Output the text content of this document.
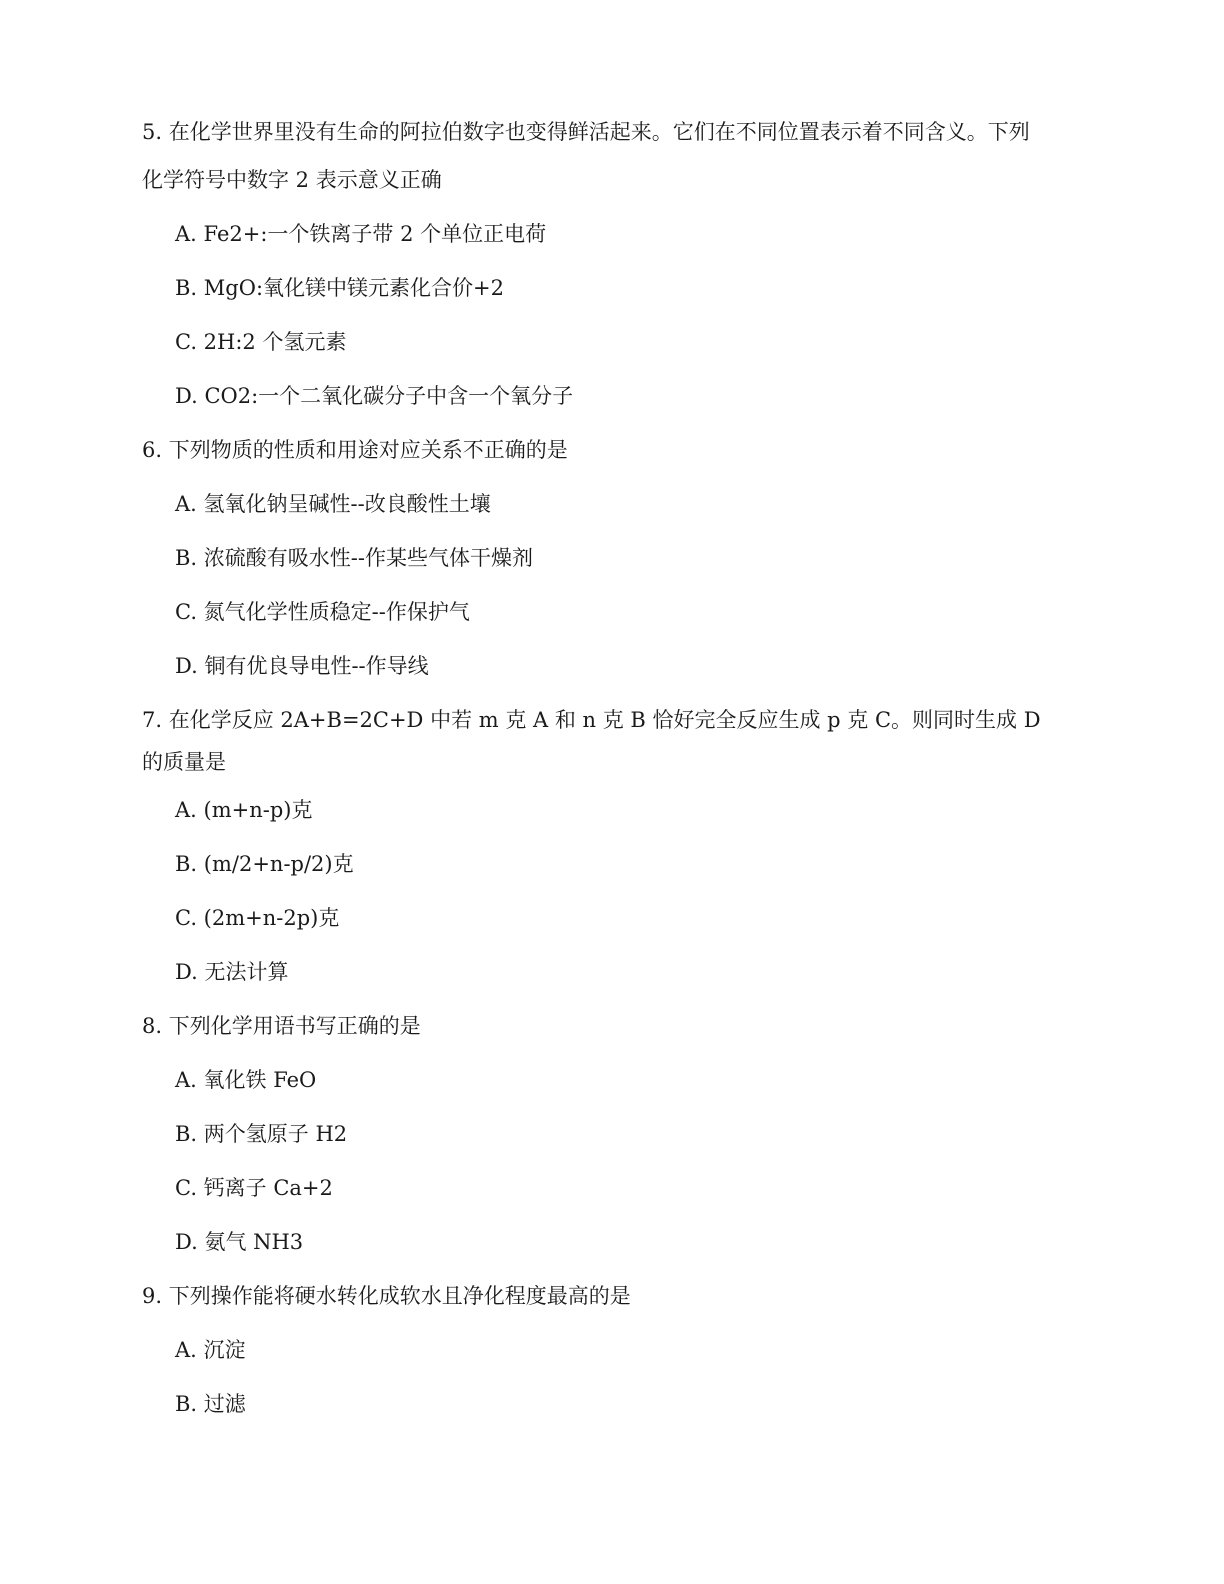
5. 在化学世界里没有生命的阿拉伯数字也变得鲜活起来。它们在不同位置表示着不同含义。下列
化学符号中数字 2 表示意义正确
A. Fe2+:一个铁离子带 2 个单位正电荷
B. MgO:氧化镁中镁元素化合价+2
C. 2H:2 个氢元素
D. CO2:一个二氧化碳分子中含一个氧分子
6. 下列物质的性质和用途对应关系不正确的是
A. 氢氧化钠呈碱性--改良酸性土壤
B. 浓硫酸有吸水性--作某些气体干燥剂
C. 氮气化学性质稳定--作保护气
D. 铜有优良导电性--作导线
7. 在化学反应 2A+B=2C+D 中若 m 克 A 和 n 克 B 恰好完全反应生成 p 克 C。则同时生成 D
的质量是
A. (m+n-p)克
B. (m/2+n-p/2)克
C. (2m+n-2p)克
D. 无法计算
8. 下列化学用语书写正确的是
A. 氧化铁 FeO
B. 两个氢原子 H2
C. 钙离子 Ca+2
D. 氨气 NH3
9. 下列操作能将硬水转化成软水且净化程度最高的是
A. 沉淀
B. 过滤
